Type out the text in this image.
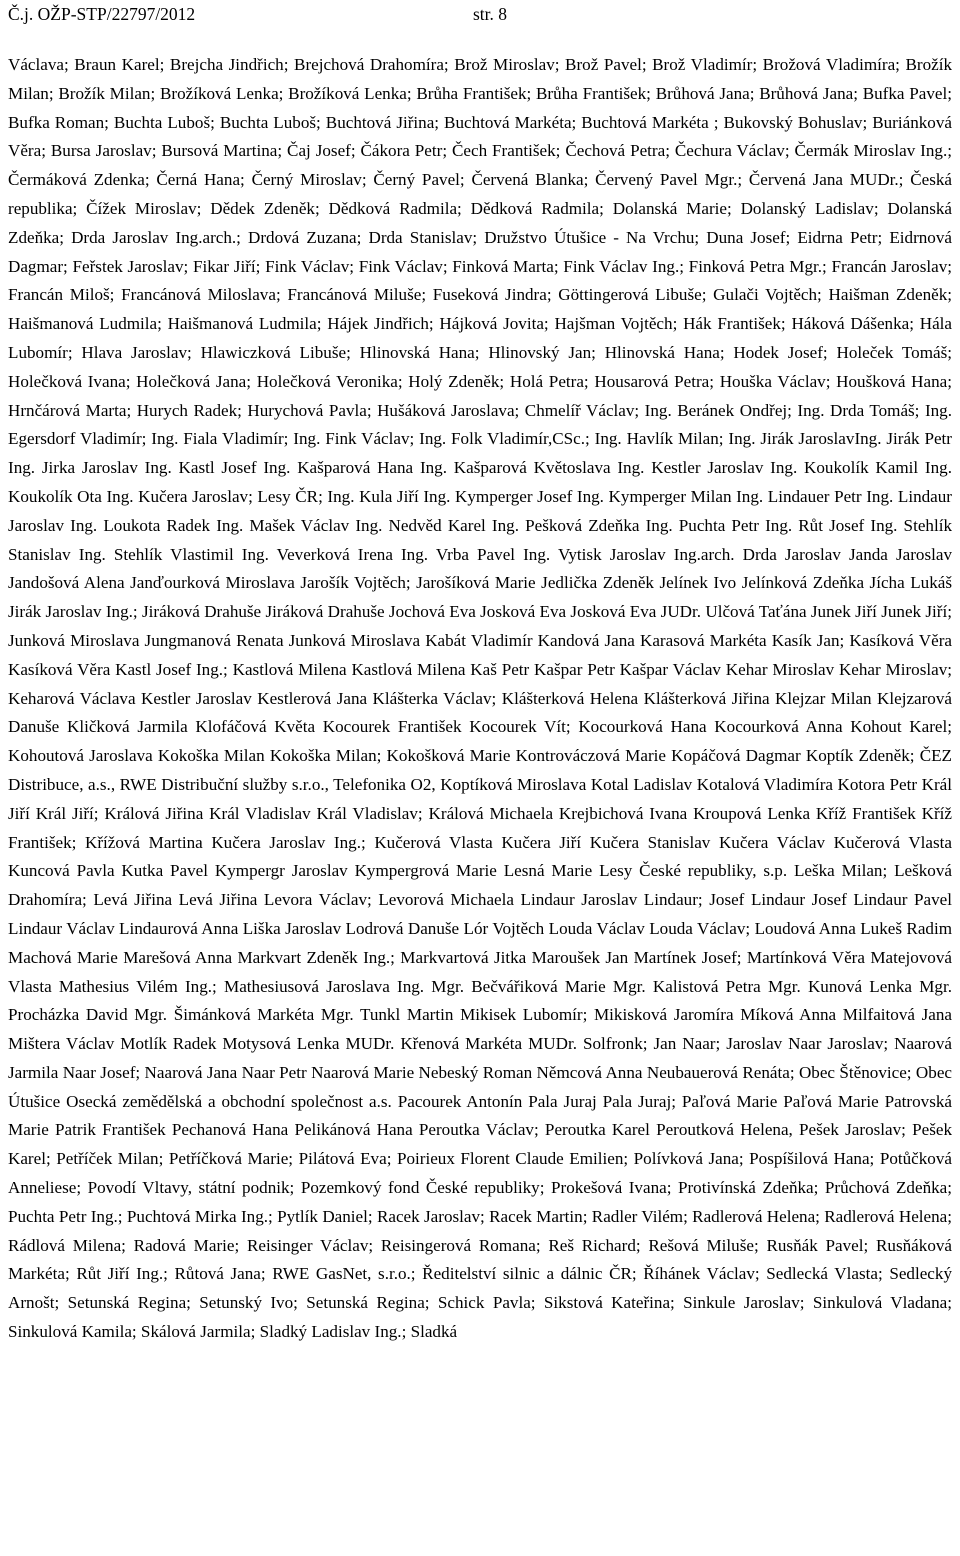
Č.j. OŽP-STP/22797/2012	str. 8

Václava; Braun Karel; Brejcha Jindřich; Brejchová Drahomíra; Brož Miroslav; Brož Pavel; Brož Vladimír; Brožová Vladimíra; Brožík Milan; Brožík Milan; Brožíková Lenka; Brožíková Lenka; Brůha František; Brůha František; Brůhová Jana; Brůhová Jana; Bufka Pavel; Bufka Roman; Buchta Luboš; Buchta Luboš; Buchtová Jiřina; Buchtová Markéta; Buchtová Markéta ; Bukovský Bohuslav; Buriánková Věra; Bursa Jaroslav; Bursová Martina; Čaj Josef; Čákora Petr; Čech František; Čechová Petra; Čechura Václav; Čermák Miroslav Ing.; Čermáková Zdenka; Černá Hana; Černý Miroslav; Černý Pavel; Červená Blanka; Červený Pavel Mgr.; Červená Jana MUDr.; Česká republika; Čížek Miroslav; Dědek Zdeněk; Dědková Radmila; Dědková Radmila; Dolanská Marie; Dolanský Ladislav; Dolanská Zdeňka; Drda Jaroslav Ing.arch.; Drdová Zuzana; Drda Stanislav; Družstvo Útušice - Na Vrchu; Duna Josef; Eidrna Petr; Eidrnová Dagmar; Feřstek Jaroslav; Fikar Jiří; Fink Václav; Fink Václav; Finková Marta; Fink Václav Ing.; Finková Petra Mgr.; Francán Jaroslav; Francán Miloš; Francánová Miloslava; Francánová Miluše; Fuseková Jindra; Göttingerová Libuše; Gulači Vojtěch; Haišman Zdeněk; Haišmanová Ludmila; Haišmanová Ludmila; Hájek Jindřich; Hájková Jovita; Hajšman Vojtěch; Hák František; Háková Dášenka; Hála Lubomír; Hlava Jaroslav; Hlawiczková Libuše; Hlinovská Hana; Hlinovský Jan; Hlinovská Hana; Hodek Josef; Holeček Tomáš; Holečková Ivana; Holečková Jana; Holečková Veronika; Holý Zdeněk; Holá Petra; Housarová Petra; Houška Václav; Houšková Hana; Hrnčárová Marta; Hurych Radek; Hurychová Pavla; Hušáková Jaroslava; Chmelíř Václav; Ing. Beránek Ondřej; Ing. Drda Tomáš; Ing. Egersdorf Vladimír; Ing. Fiala Vladimír; Ing. Fink Václav; Ing. Folk Vladimír,CSc.; Ing. Havlík Milan; Ing. Jirák JaroslavIng. Jirák Petr Ing. Jirka Jaroslav Ing. Kastl Josef Ing. Kašparová Hana Ing. Kašparová Květoslava Ing. Kestler Jaroslav Ing. Koukolík Kamil Ing. Koukolík Ota Ing. Kučera Jaroslav; Lesy ČR; Ing. Kula Jiří Ing. Kymperger Josef Ing. Kymperger Milan Ing. Lindauer Petr Ing. Lindaur Jaroslav Ing. Loukota Radek Ing. Mašek Václav Ing. Nedvěd Karel Ing. Pešková Zdeňka Ing. Puchta Petr Ing. Růt Josef Ing. Stehlík Stanislav Ing. Stehlík Vlastimil Ing. Veverková Irena Ing. Vrba Pavel Ing. Vytisk Jaroslav Ing.arch. Drda Jaroslav Janda Jaroslav Jandošová Alena Janďourková Miroslava Jarošík Vojtěch; Jarošíková Marie Jedlička Zdeněk Jelínek Ivo Jelínková Zdeňka Jícha Lukáš Jirák Jaroslav Ing.; Jiráková Drahuše Jiráková Drahuše Jochová Eva Josková Eva Josková Eva JUDr. Ulčová Taťána Junek Jiří Junek Jiří; Junková Miroslava Jungmanová Renata Junková Miroslava Kabát Vladimír Kandová Jana Karasová Markéta Kasík Jan; Kasíková Věra Kasíková Věra Kastl Josef Ing.; Kastlová Milena Kastlová Milena Kaš Petr Kašpar Petr Kašpar Václav Kehar Miroslav Kehar Miroslav; Keharová Václava Kestler Jaroslav Kestlerová Jana Klášterka Václav; Klášterková Helena Klášterková Jiřina Klejzar Milan Klejzarová Danuše Kličková Jarmila Klofáčová Květa Kocourek František Kocourek Vít; Kocourková Hana Kocourková Anna Kohout Karel; Kohoutová Jaroslava Kokoška Milan Kokoška Milan; Kokošková Marie Kontrováczová Marie Kopáčová Dagmar Koptík Zdeněk; ČEZ Distribuce, a.s., RWE Distribuční služby s.r.o., Telefonika O2, Koptíková Miroslava Kotal Ladislav Kotalová Vladimíra Kotora Petr Král Jiří Král Jiří; Králová Jiřina Král Vladislav Král Vladislav; Králová Michaela Krejbichová Ivana Kroupová Lenka Kříž František Kříž František; Křížová Martina Kučera Jaroslav Ing.; Kučerová Vlasta Kučera Jiří Kučera Stanislav Kučera Václav Kučerová Vlasta Kuncová Pavla Kutka Pavel Kympergr Jaroslav Kympergrová Marie Lesná Marie Lesy České republiky, s.p. Leška Milan; Lešková Drahomíra; Levá Jiřina Levá Jiřina Levora Václav; Levorová Michaela Lindaur Jaroslav Lindaur; Josef Lindaur Josef Lindaur Pavel Lindaur Václav Lindaurová Anna Liška Jaroslav Lodrová Danuše Lór Vojtěch Louda Václav Louda Václav; Loudová Anna Lukeš Radim Machová Marie Marešová Anna Markvart Zdeněk Ing.; Markvartová Jitka Maroušek Jan Martínek Josef; Martínková Věra Matejovová Vlasta Mathesius Vilém Ing.; Mathesiusová Jaroslava Ing. Mgr. Bečvářiková Marie Mgr. Kalistová Petra Mgr. Kunová Lenka Mgr. Procházka David Mgr. Šimánková Markéta Mgr. Tunkl Martin Mikisek Lubomír; Mikisková Jaromíra Míková Anna Milfaitová Jana Mištera Václav Motlík Radek Motysová Lenka MUDr. Křenová Markéta MUDr. Solfronk; Jan Naar; Jaroslav Naar Jaroslav; Naarová Jarmila Naar Josef; Naarová Jana Naar Petr Naarová Marie Nebeský Roman Němcová Anna Neubauerová Renáta; Obec Štěnovice; Obec Útušice Osecká zemědělská a obchodní společnost a.s. Pacourek Antonín Pala Juraj Pala Juraj; Paľová Marie Paľová Marie Patrovská Marie Patrik František Pechanová Hana Pelikánová Hana Peroutka Václav; Peroutka Karel Peroutková Helena, Pešek Jaroslav; Pešek Karel; Petříček Milan; Petříčková Marie; Pilátová Eva; Poirieux Florent Claude Emilien; Polívková Jana; Pospíšilová Hana; Potůčková Anneliese; Povodí Vltavy, státní podnik; Pozemkový fond České republiky; Prokešová Ivana; Protivínská Zdeňka; Průchová Zdeňka; Puchta Petr Ing.; Puchtová Mirka Ing.; Pytlík Daniel; Racek Jaroslav; Racek Martin; Radler Vilém; Radlerová Helena; Radlerová Helena; Rádlová Milena; Radová Marie; Reisinger Václav; Reisingerová Romana; Reš Richard; Rešová Miluše; Rusňák Pavel; Rusňáková Markéta; Růt Jiří Ing.; Růtová Jana; RWE GasNet, s.r.o.; Ředitelství silnic a dálnic ČR; Říhánek Václav; Sedlecká Vlasta; Sedlecký Arnošt; Setunská Regina; Setunský Ivo; Setunská Regina; Schick Pavla; Sikstová Kateřina; Sinkule Jaroslav; Sinkulová Vladana; Sinkulová Kamila; Skálová Jarmila; Sladký Ladislav Ing.; Sladká
